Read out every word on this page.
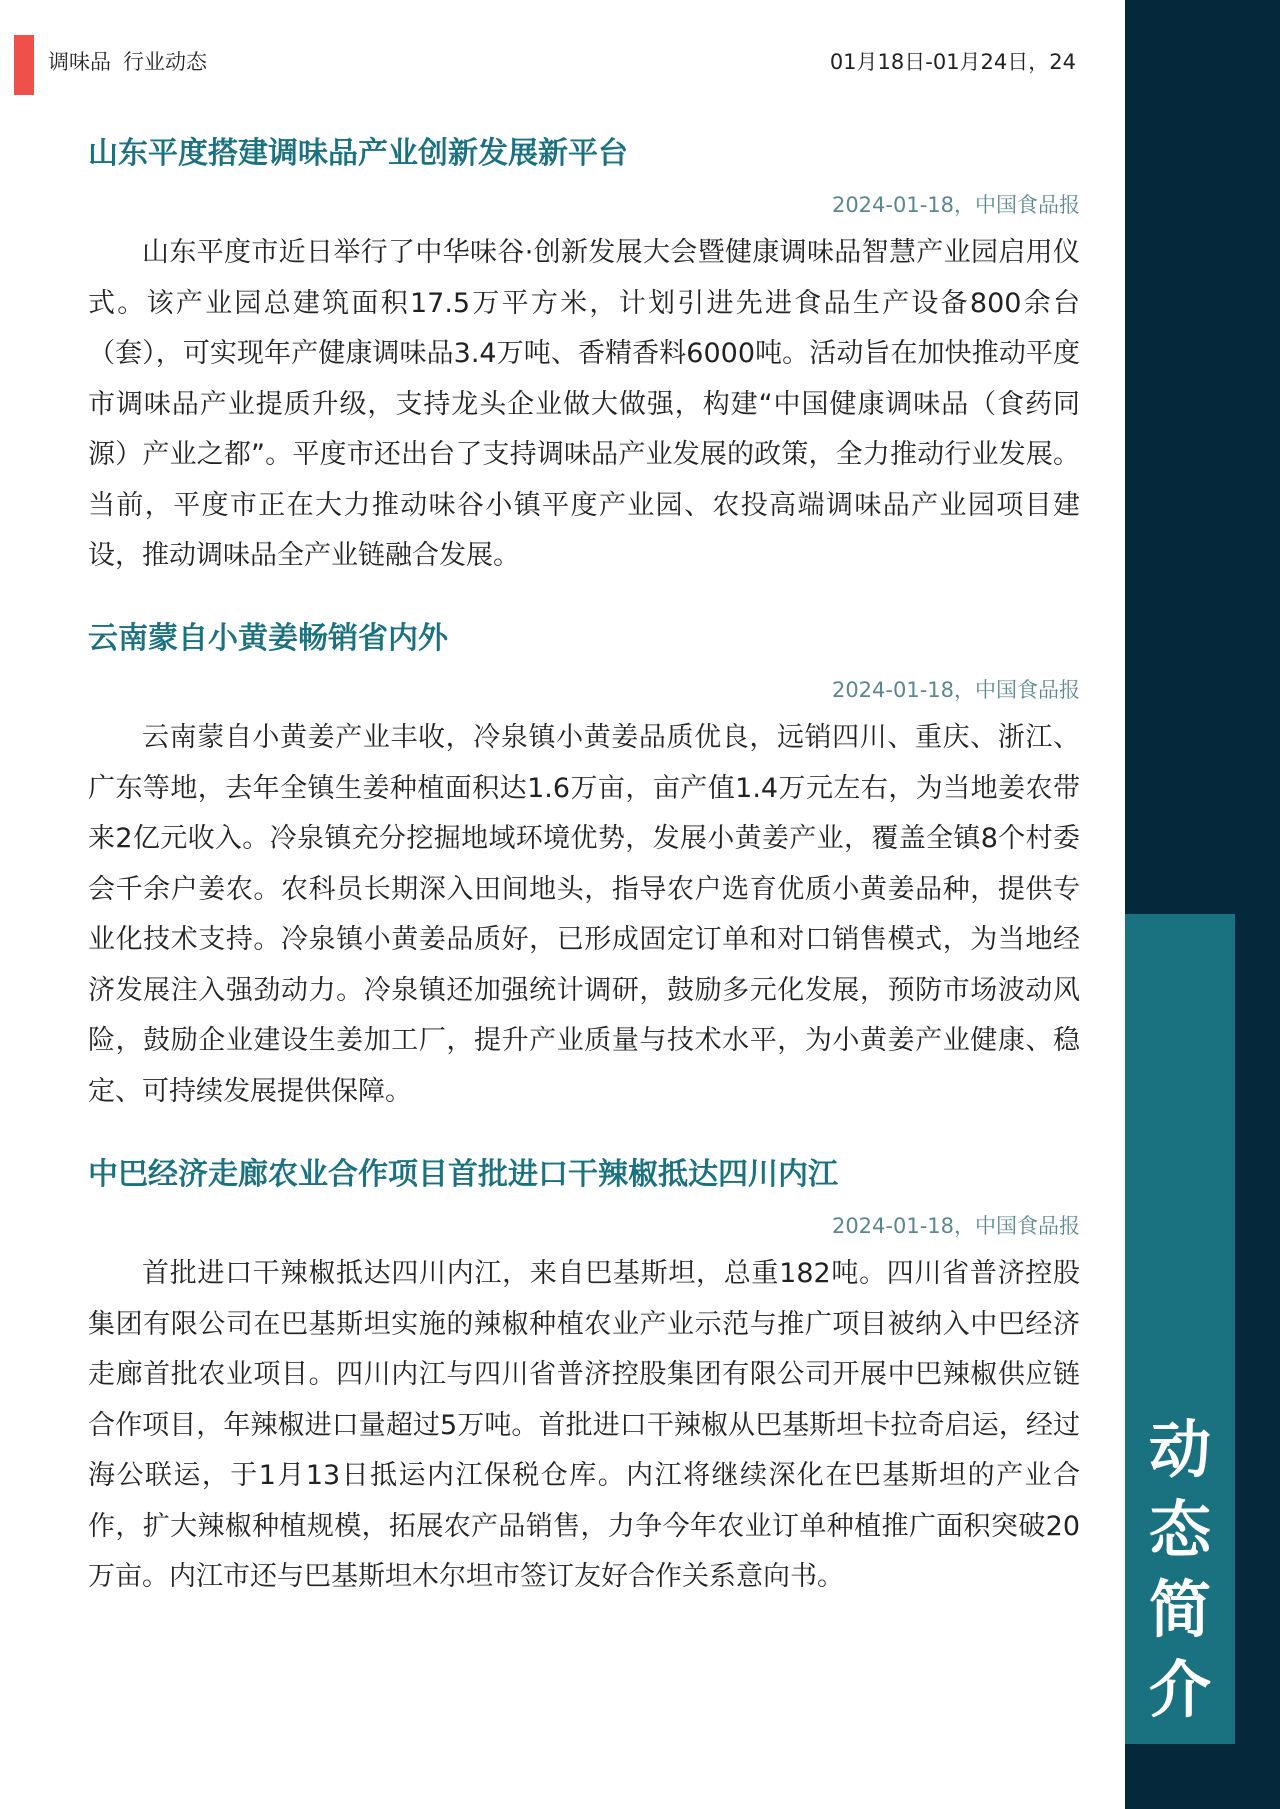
调味品 行业动态	01月18日-01月24日，24
动
态
简
介
山东平度搭建调味品产业创新发展新平台
2024-01-18，中国食品报

山东平度市近日举行了中华味谷·创新发展大会暨健康调味品智慧产业园启用仪式。该产业园总建筑面积17.5万平方米，计划引进先进食品生产设备800余台（套），可实现年产健康调味品3.4万吨、香精香料6000吨。活动旨在加快推动平度市调味品产业提质升级，支持龙头企业做大做强，构建“中国健康调味品（食药同源）产业之都”。平度市还出台了支持调味品产业发展的政策，全力推动行业发展。当前，平度市正在大力推动味谷小镇平度产业园、农投高端调味品产业园项目建设，推动调味品全产业链融合发展。

云南蒙自小黄姜畅销省内外
2024-01-18，中国食品报

云南蒙自小黄姜产业丰收，冷泉镇小黄姜品质优良，远销四川、重庆、浙江、广东等地，去年全镇生姜种植面积达1.6万亩，亩产值1.4万元左右，为当地姜农带来2亿元收入。冷泉镇充分挖掘地域环境优势，发展小黄姜产业，覆盖全镇8个村委会千余户姜农。农科员长期深入田间地头，指导农户选育优质小黄姜品种，提供专业化技术支持。冷泉镇小黄姜品质好，已形成固定订单和对口销售模式，为当地经济发展注入强劲动力。冷泉镇还加强统计调研，鼓励多元化发展，预防市场波动风险，鼓励企业建设生姜加工厂，提升产业质量与技术水平，为小黄姜产业健康、稳定、可持续发展提供保障。

中巴经济走廊农业合作项目首批进口干辣椒抵达四川内江
2024-01-18，中国食品报

首批进口干辣椒抵达四川内江，来自巴基斯坦，总重182吨。四川省普济控股集团有限公司在巴基斯坦实施的辣椒种植农业产业示范与推广项目被纳入中巴经济走廊首批农业项目。四川内江与四川省普济控股集团有限公司开展中巴辣椒供应链合作项目，年辣椒进口量超过5万吨。首批进口干辣椒从巴基斯坦卡拉奇启运，经过海公联运，于1月13日抵运内江保税仓库。内江将继续深化在巴基斯坦的产业合作，扩大辣椒种植规模，拓展农产品销售，力争今年农业订单种植推广面积突破20万亩。内江市还与巴基斯坦木尔坦市签订友好合作关系意向书。
